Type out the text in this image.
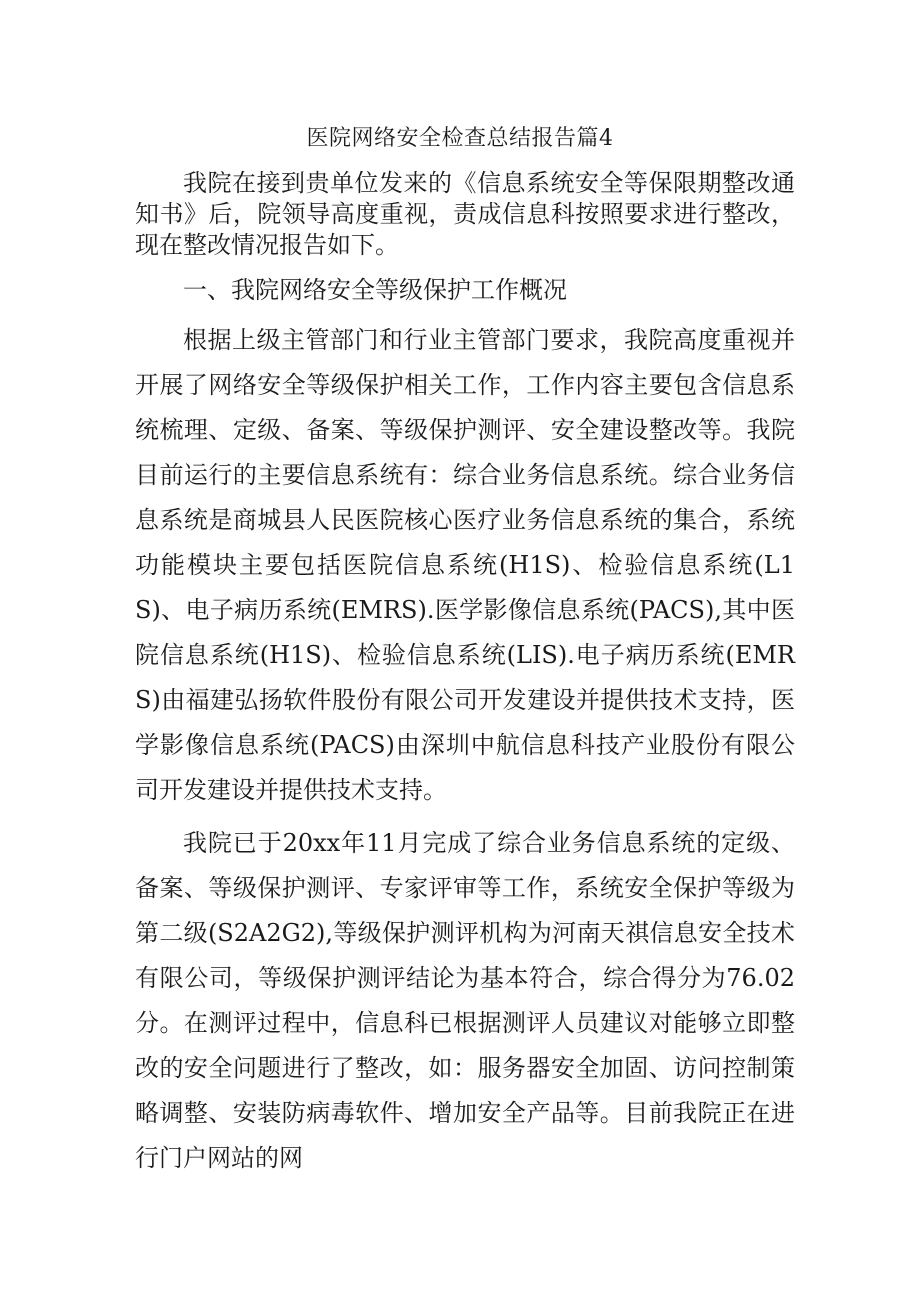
医院网络安全检查总结报告篇4

我院在接到贵单位发来的《信息系统安全等保限期整改通知书》后，院领导高度重视，责成信息科按照要求进行整改，现在整改情况报告如下。

一、我院网络安全等级保护工作概况

根据上级主管部门和行业主管部门要求，我院高度重视并开展了网络安全等级保护相关工作，工作内容主要包含信息系统梳理、定级、备案、等级保护测评、安全建设整改等。我院目前运行的主要信息系统有：综合业务信息系统。综合业务信息系统是商城县人民医院核心医疗业务信息系统的集合，系统功能模块主要包括医院信息系统(H1S)、检验信息系统(L1S)、电子病历系统(EMRS).医学影像信息系统(PACS),其中医院信息系统(H1S)、检验信息系统(LIS).电子病历系统(EMRS)由福建弘扬软件股份有限公司开发建设并提供技术支持，医学影像信息系统(PACS)由深圳中航信息科技产业股份有限公司开发建设并提供技术支持。

我院已于20xx年11月完成了综合业务信息系统的定级、备案、等级保护测评、专家评审等工作，系统安全保护等级为第二级(S2A2G2),等级保护测评机构为河南天祺信息安全技术有限公司，等级保护测评结论为基本符合，综合得分为76.02分。在测评过程中，信息科已根据测评人员建议对能够立即整改的安全问题进行了整改，如：服务器安全加固、访问控制策略调整、安装防病毒软件、增加安全产品等。目前我院正在进行门户网站的网
